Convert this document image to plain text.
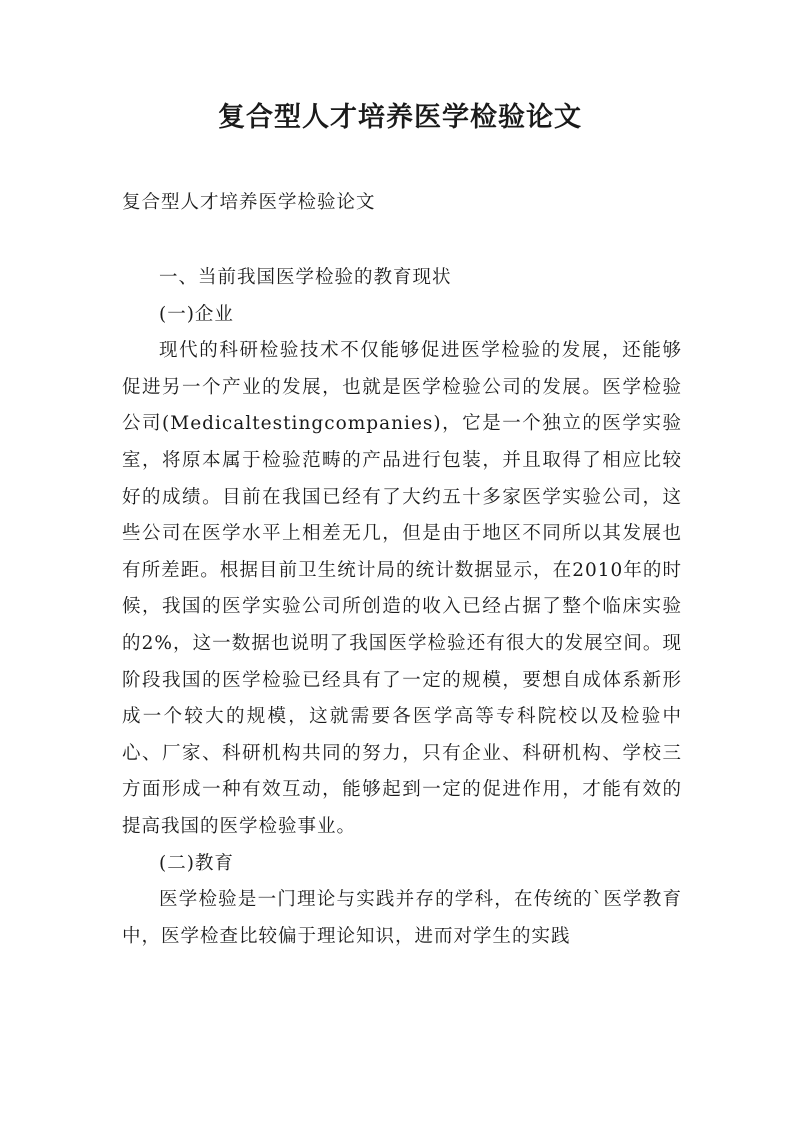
复合型人才培养医学检验论文
复合型人才培养医学检验论文

一、当前我国医学检验的教育现状

(一)企业

现代的科研检验技术不仅能够促进医学检验的发展，还能够促进另一个产业的发展，也就是医学检验公司的发展。医学检验公司(Medicaltestingcompanies)，它是一个独立的医学实验室，将原本属于检验范畴的产品进行包装，并且取得了相应比较好的成绩。目前在我国已经有了大约五十多家医学实验公司，这些公司在医学水平上相差无几，但是由于地区不同所以其发展也有所差距。根据目前卫生统计局的统计数据显示，在2010年的时候，我国的医学实验公司所创造的收入已经占据了整个临床实验的2%，这一数据也说明了我国医学检验还有很大的发展空间。现阶段我国的医学检验已经具有了一定的规模，要想自成体系新形成一个较大的规模，这就需要各医学高等专科院校以及检验中心、厂家、科研机构共同的努力，只有企业、科研机构、学校三方面形成一种有效互动，能够起到一定的促进作用，才能有效的提高我国的医学检验事业。

(二)教育

医学检验是一门理论与实践并存的学科，在传统的`医学教育中，医学检查比较偏于理论知识，进而对学生的实践
